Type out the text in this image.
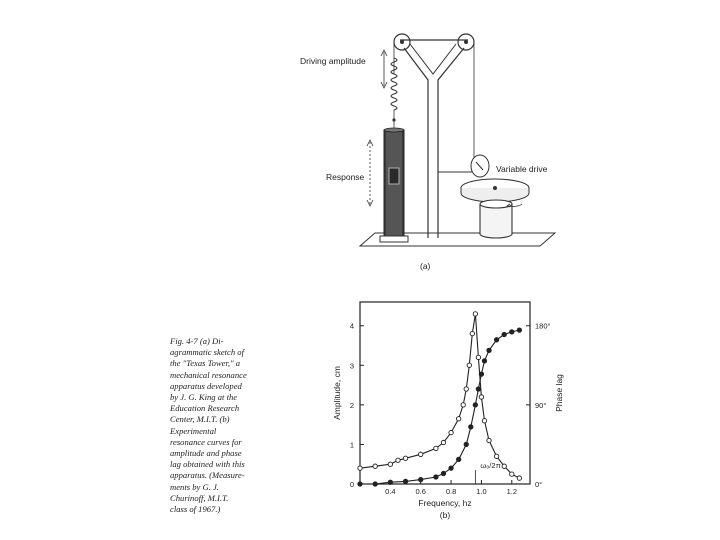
Driving amplitude
Variable drive
Response
(a)
Fig. 4-7 (a) Di-
agrammatic sketch of
the "Texas Tower," a
mechanical resonance
apparatus developed
by J. G. King at the
Education Research
Center, M.I.T. (b)
Experimental
resonance curves for
amplitude and phase
lag obtained with this
apparatus. (Measure-
ments by G. J.
Churinoff, M.I.T.
class of 1967.)
0.4	0.6	0.8	1.0	1.2
0
1
2
3
4
0°
90°
180°
Frequency, hz
(b)
Amplitude, cm	Phase lag
ω₀/2π
